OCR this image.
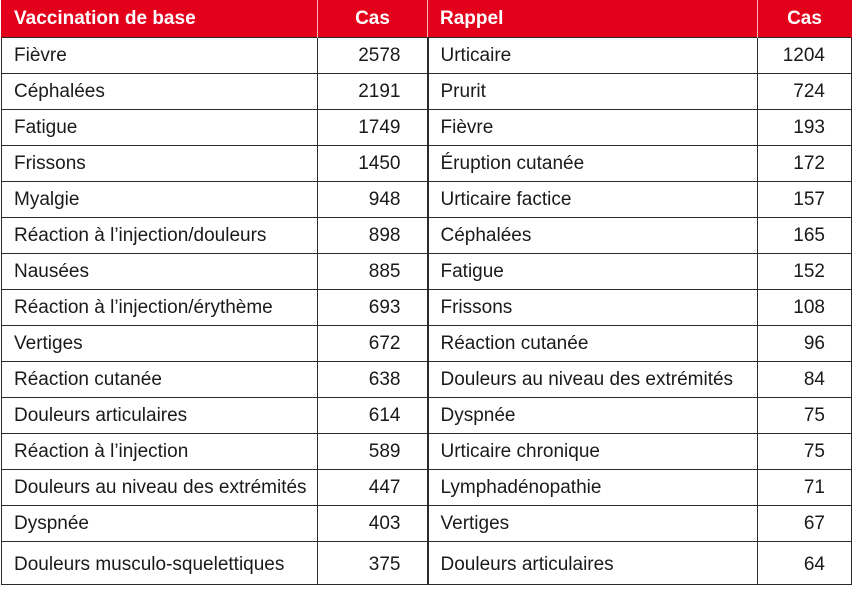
Vaccination de base	Cas	Rappel	Cas
Fièvre	2578	Urticaire	1204
Céphalées	2191	Prurit	724
Fatigue	1749	Fièvre	193
Frissons	1450	Éruption cutanée	172
Myalgie	948	Urticaire factice	157
Réaction à l’injection/douleurs	898	Céphalées	165
Nausées	885	Fatigue	152
Réaction à l’injection/érythème	693	Frissons	108
Vertiges	672	Réaction cutanée	96
Réaction cutanée	638	Douleurs au niveau des extrémités	84
Douleurs articulaires	614	Dyspnée	75
Réaction à l’injection	589	Urticaire chronique	75
Douleurs au niveau des extrémités	447	Lymphadénopathie	71
Dyspnée	403	Vertiges	67
Douleurs musculo-squelettiques	375	Douleurs articulaires	64
